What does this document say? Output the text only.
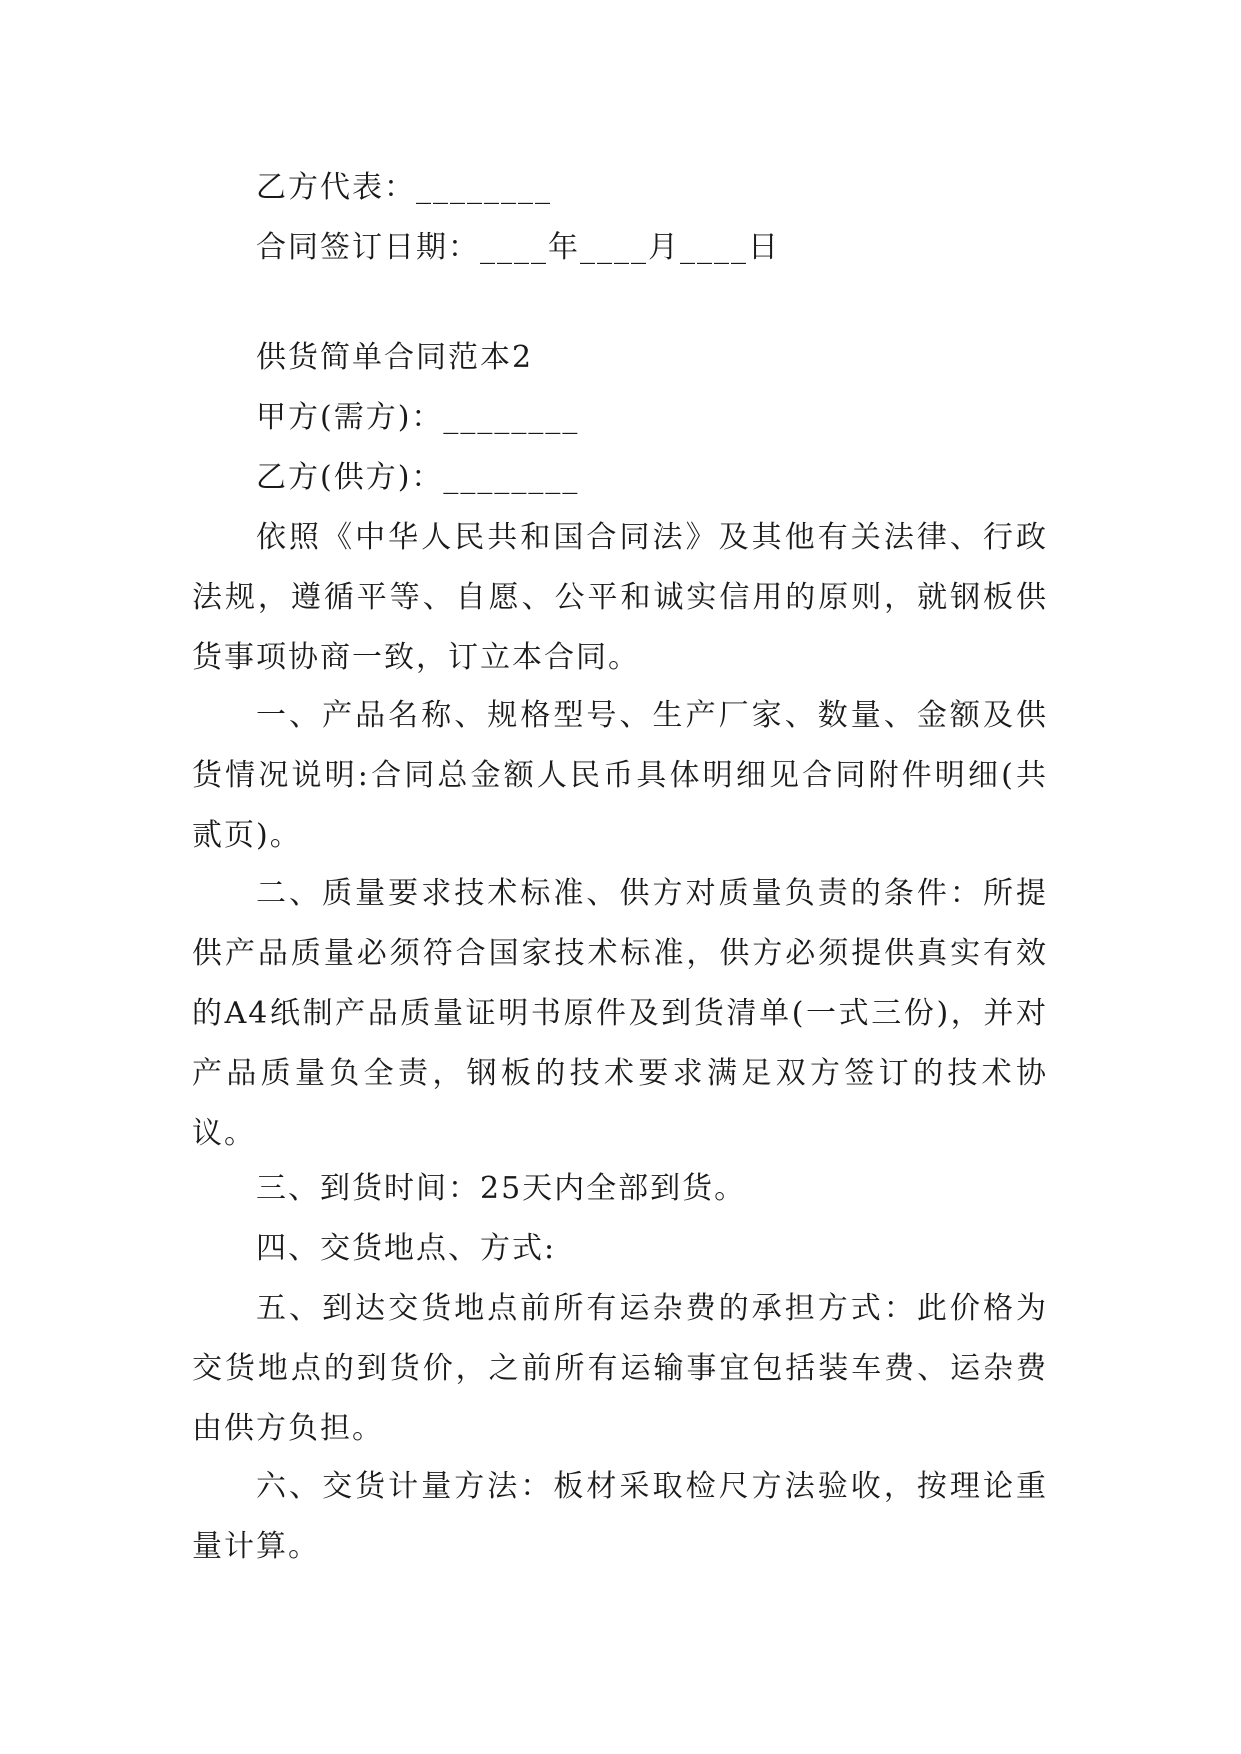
乙方代表：________
合同签订日期：____年____月____日
供货简单合同范本2
甲方(需方)：________
乙方(供方)：________
依照《中华人民共和国合同法》及其他有关法律、行政法规，遵循平等、自愿、公平和诚实信用的原则，就钢板供货事项协商一致，订立本合同。
一、产品名称、规格型号、生产厂家、数量、金额及供货情况说明:合同总金额人民币具体明细见合同附件明细(共贰页)。
二、质量要求技术标准、供方对质量负责的条件：所提供产品质量必须符合国家技术标准，供方必须提供真实有效的A4纸制产品质量证明书原件及到货清单(一式三份)，并对产品质量负全责，钢板的技术要求满足双方签订的技术协议。
三、到货时间：25天内全部到货。
四、交货地点、方式:
五、到达交货地点前所有运杂费的承担方式：此价格为交货地点的到货价，之前所有运输事宜包括装车费、运杂费由供方负担。
六、交货计量方法：板材采取检尺方法验收，按理论重量计算。
